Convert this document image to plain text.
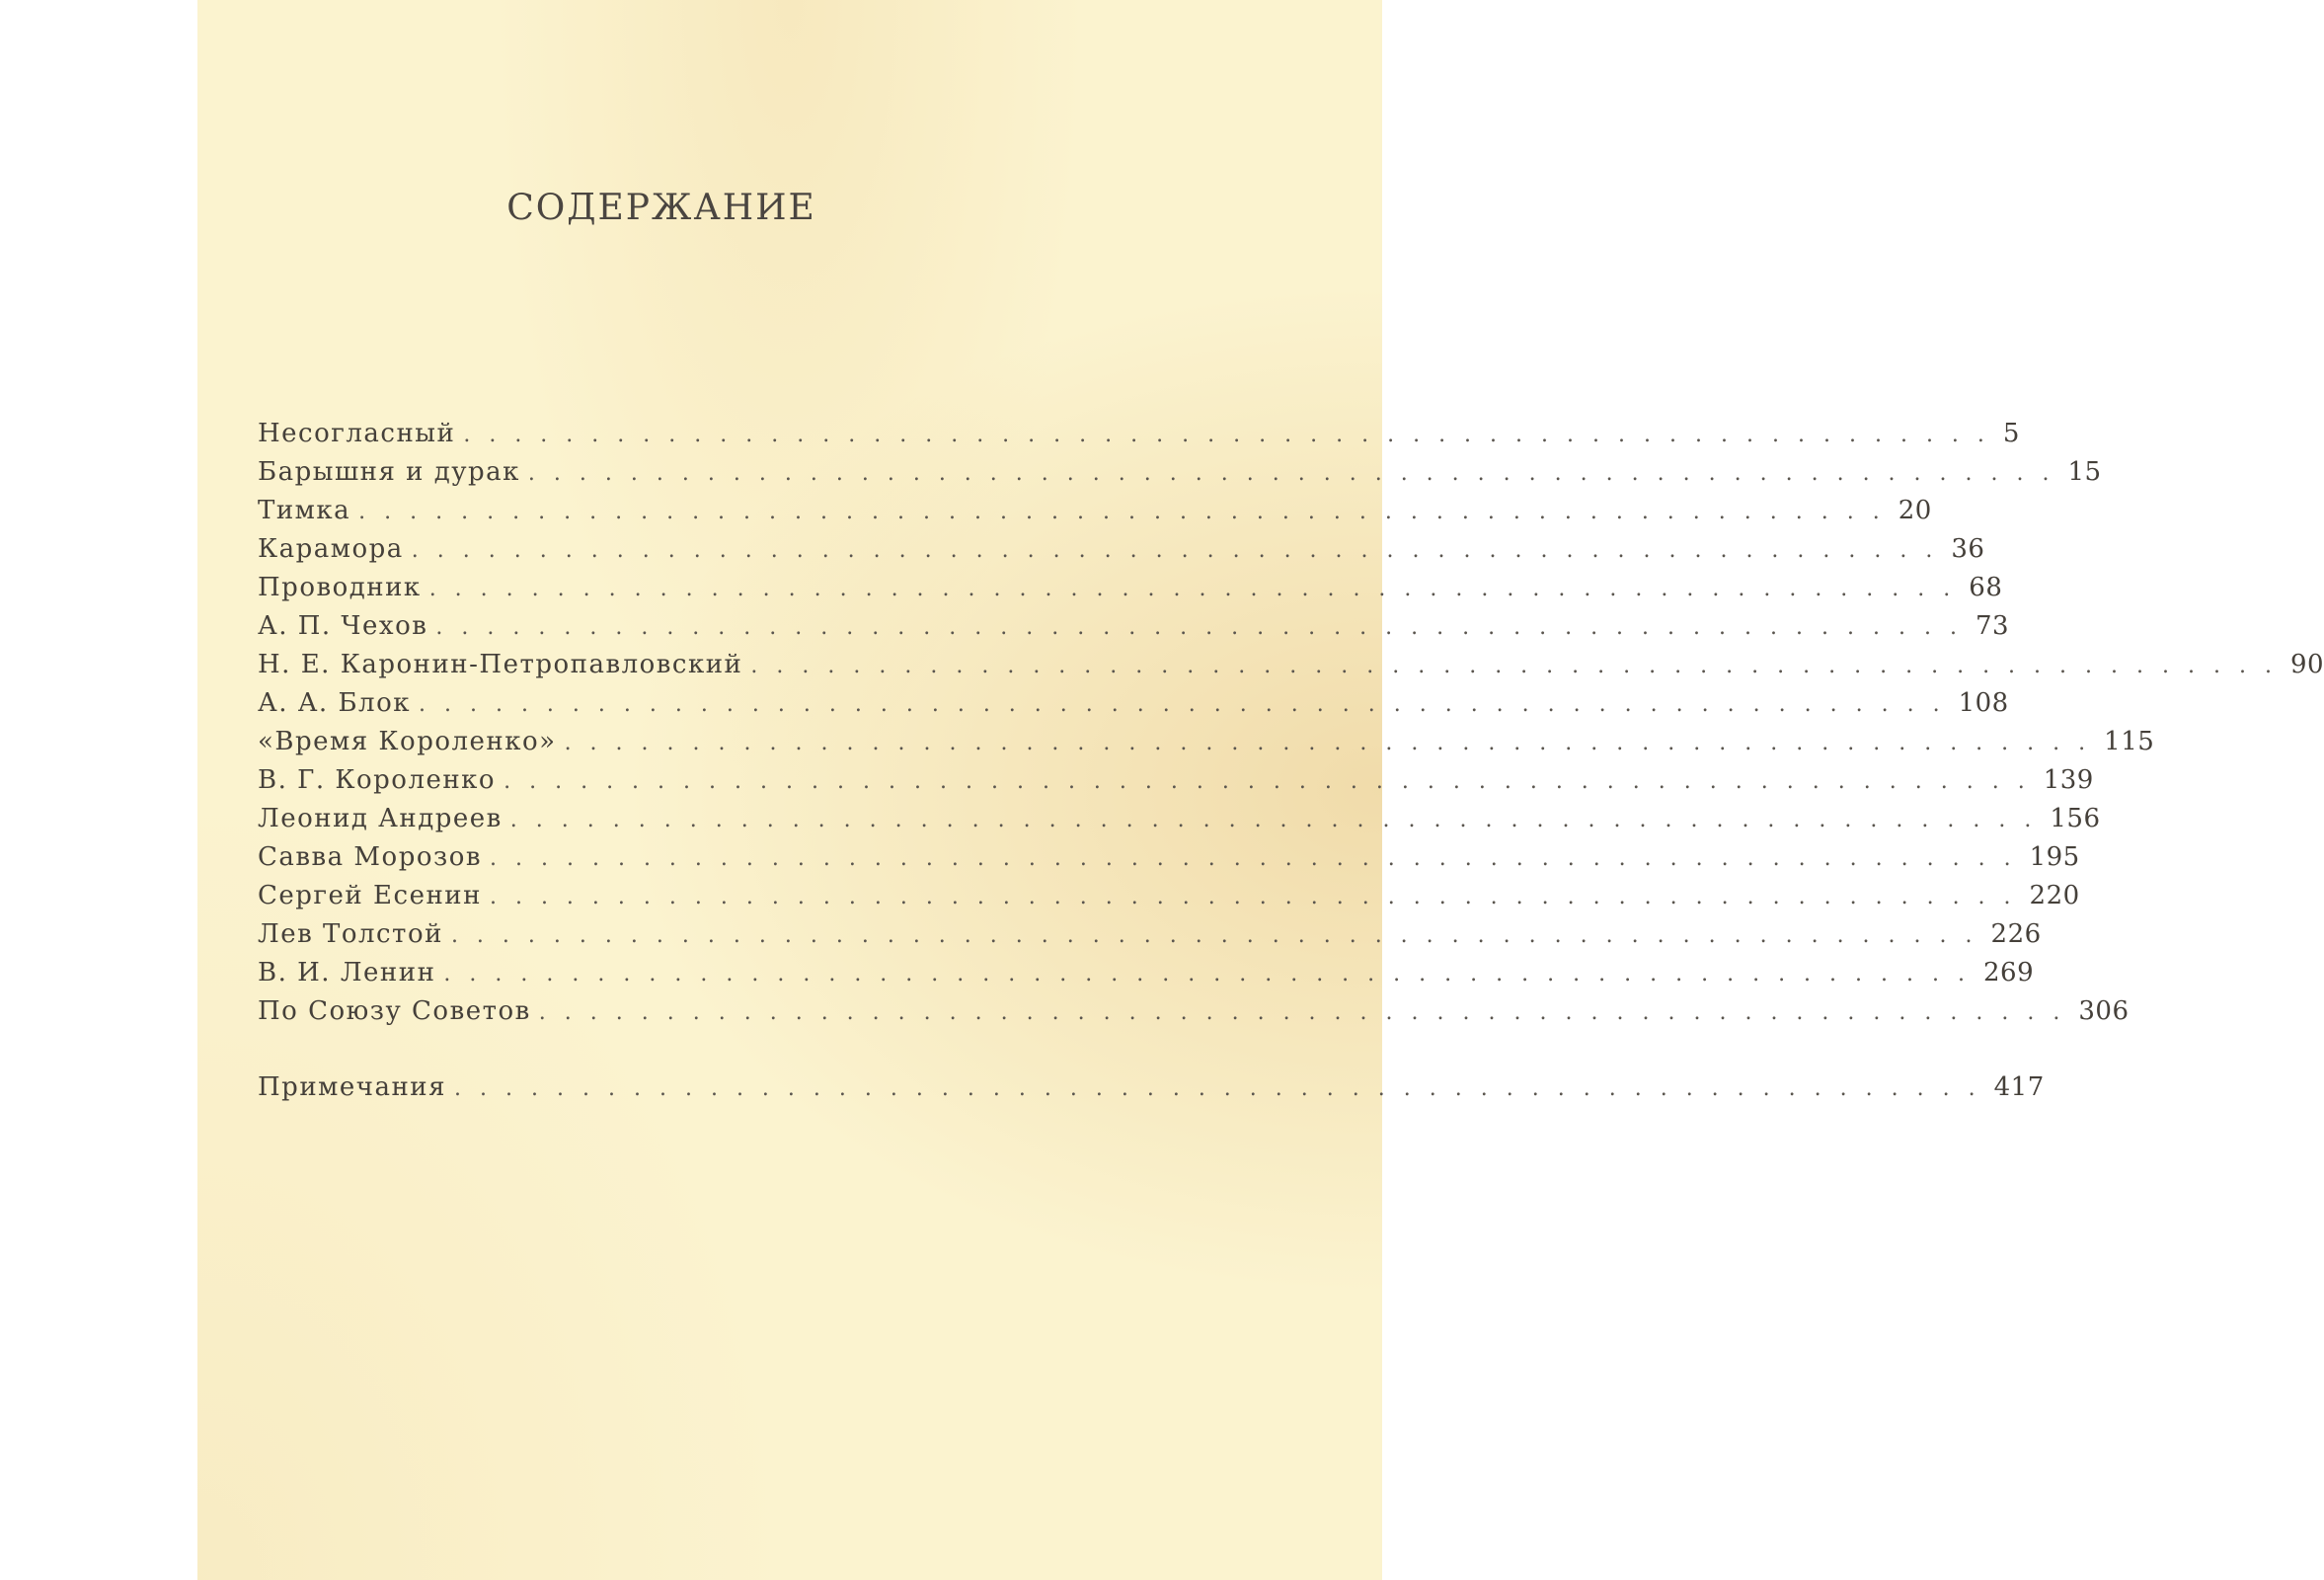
СОДЕРЖАНИЕ
Несогласный ............................................................ 5
Барышня и дурак ............................................................ 15
Тимка ............................................................ 20
Карамора ............................................................ 36
Проводник ............................................................ 68
А. П. Чехов ............................................................ 73
Н. Е. Каронин-Петропавловский ............................................................ 90
А. А. Блок ............................................................ 108
«Время Короленко» ............................................................ 115
В. Г. Короленко ............................................................ 139
Леонид Андреев ............................................................ 156
Савва Морозов ............................................................ 195
Сергей Есенин ............................................................ 220
Лев Толстой ............................................................ 226
В. И. Ленин ............................................................ 269
По Союзу Советов ............................................................ 306
Примечания ............................................................ 417
